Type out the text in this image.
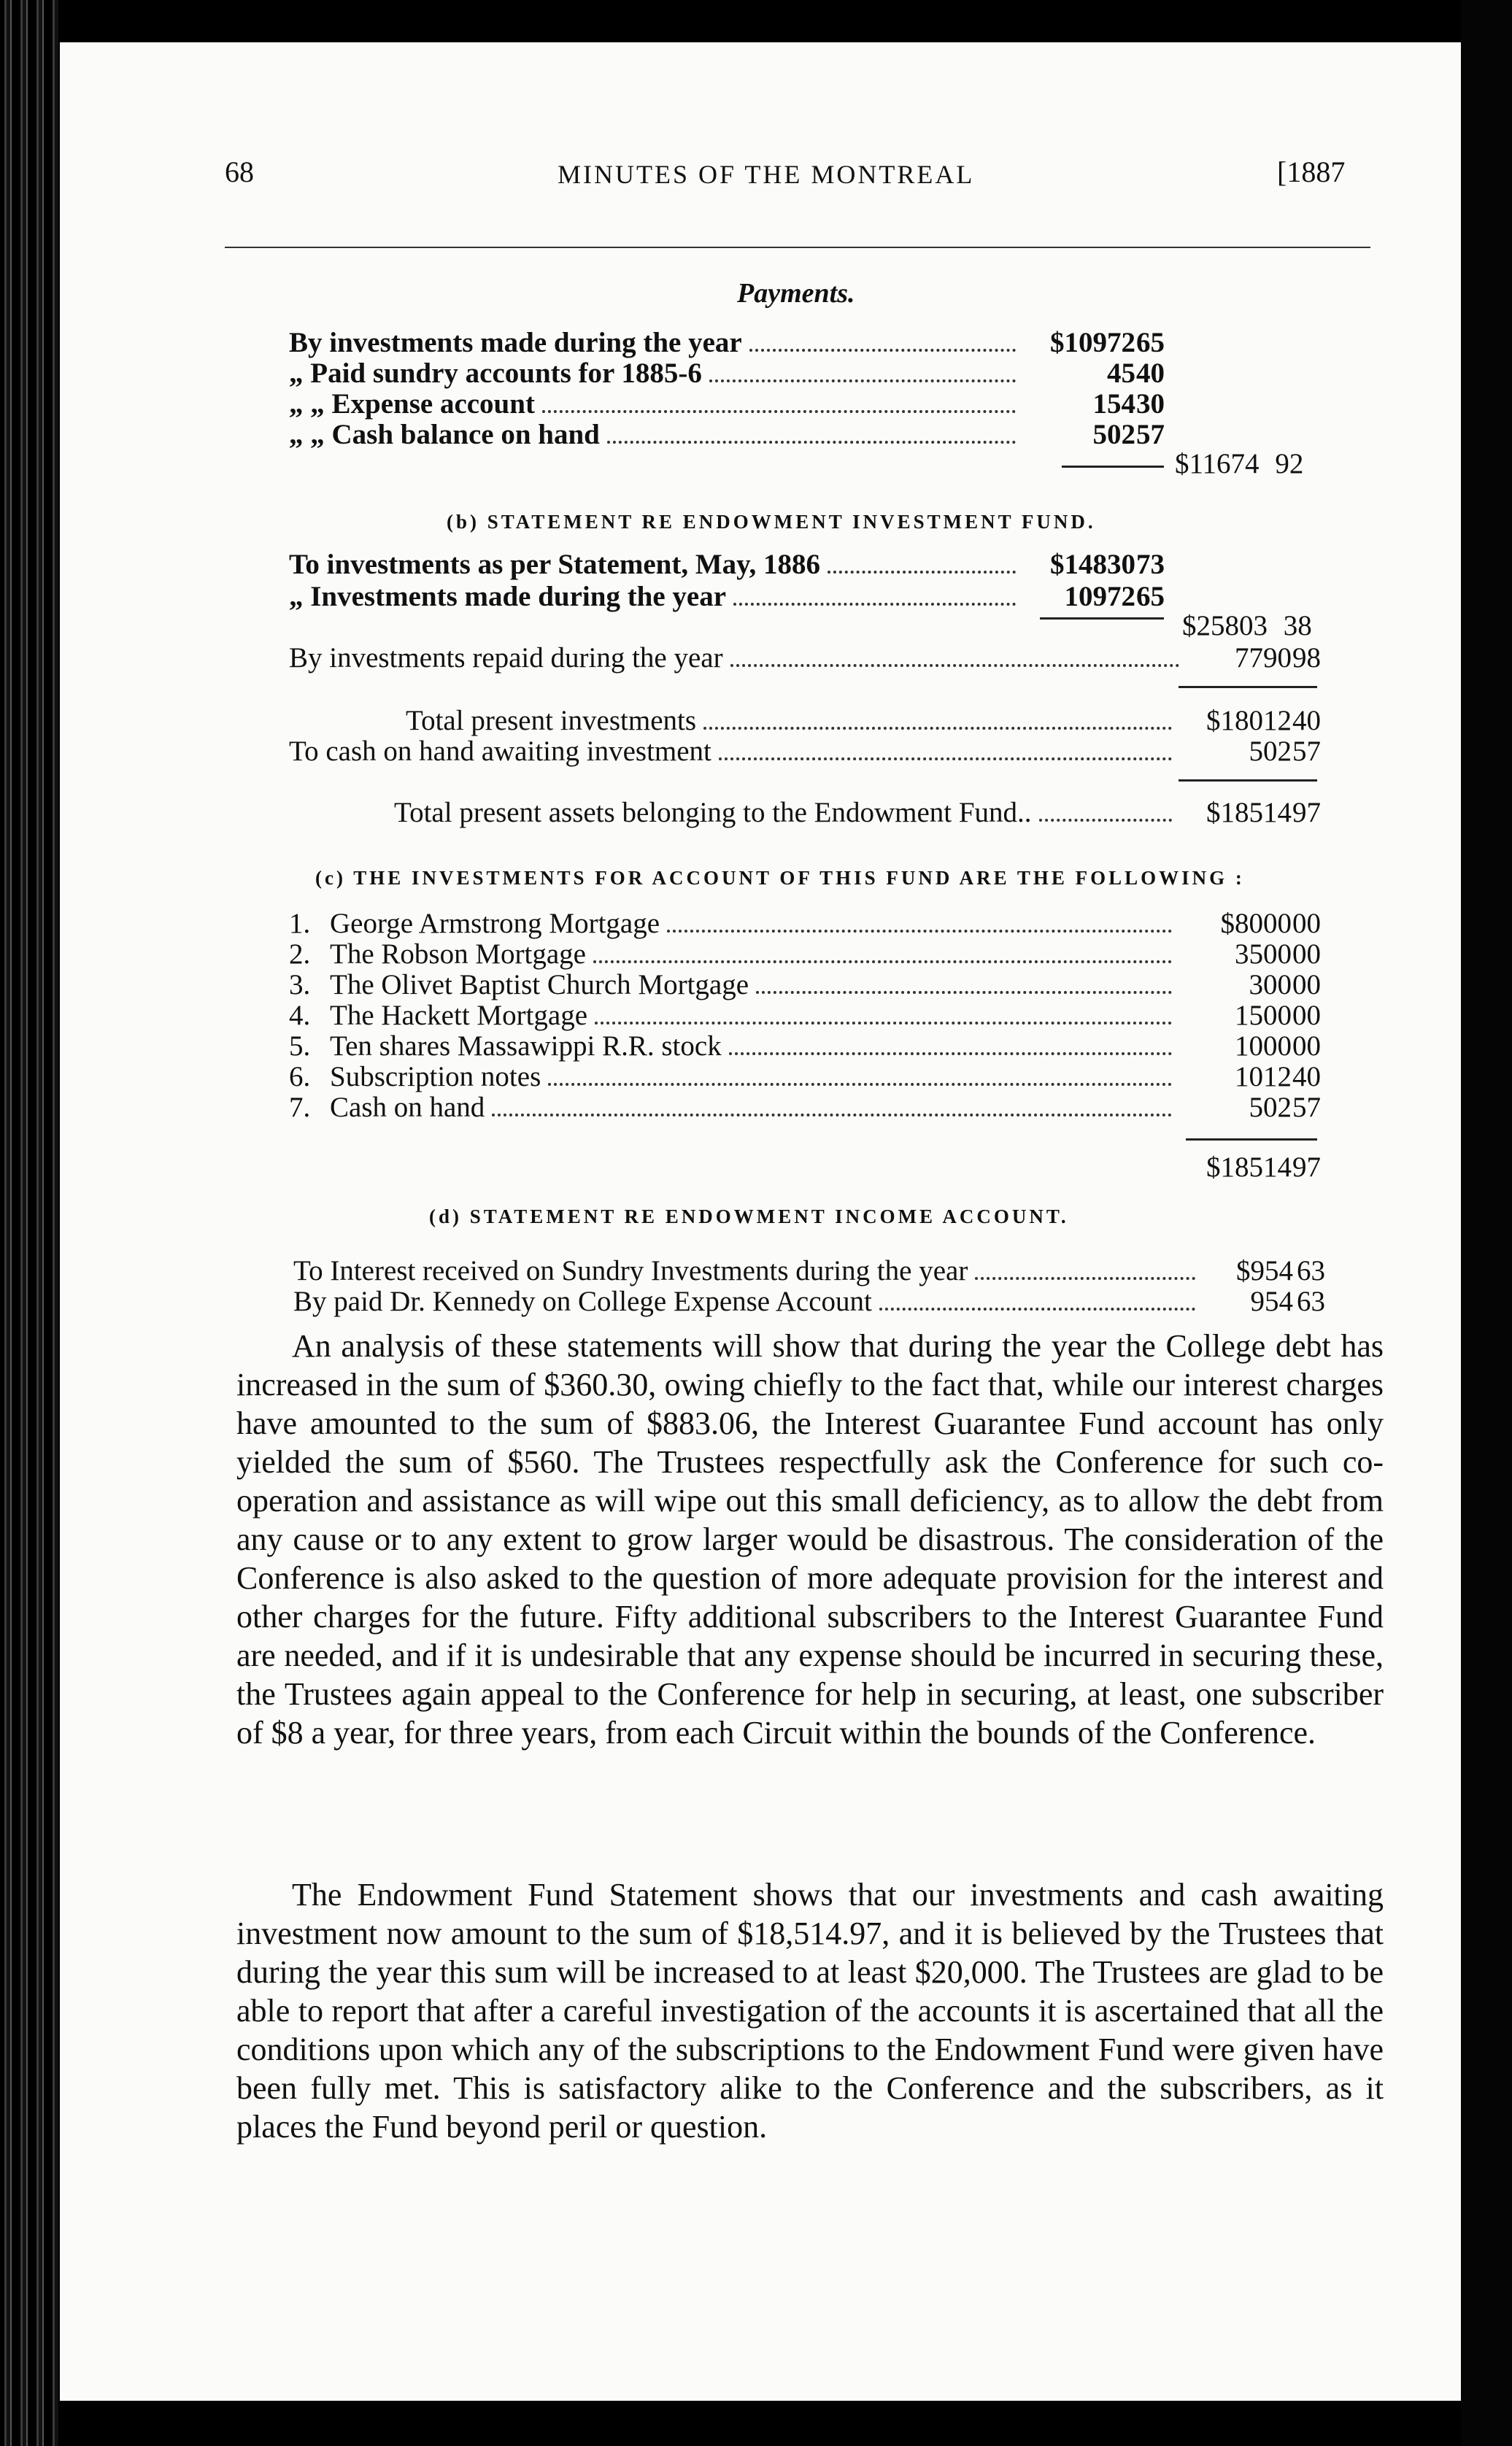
68	MINUTES OF THE MONTREAL	[1887
Payments.
By investments made during the year	$10972 65
„ Paid sundry accounts for 1885-6	45 40
„ „ Expense account	154 30
„ „ Cash balance on hand	502 57
$11674 92
(b) STATEMENT RE ENDOWMENT INVESTMENT FUND.
To investments as per Statement, May, 1886	$14830 73
„ Investments made during the year	10972 65
$25803 38
By investments repaid during the year	7790 98
Total present investments	$18012 40
To cash on hand awaiting investment	502 57
Total present assets belonging to the Endowment Fund..	$18514 97
(c) THE INVESTMENTS FOR ACCOUNT OF THIS FUND ARE THE FOLLOWING :
1. George Armstrong Mortgage	$8000 00
2. The Robson Mortgage	3500 00
3. The Olivet Baptist Church Mortgage	300 00
4. The Hackett Mortgage	1500 00
5. Ten shares Massawippi R.R. stock	1000 00
6. Subscription notes	1012 40
7. Cash on hand	502 57
$18514 97
(d) STATEMENT RE ENDOWMENT INCOME ACCOUNT.
To Interest received on Sundry Investments during the year	$954 63
By paid Dr. Kennedy on College Expense Account	954 63

An analysis of these statements will show that during the year the College debt has increased in the sum of $360.30, owing chiefly to the fact that, while our interest charges have amounted to the sum of $883.06, the Interest Guarantee Fund account has only yielded the sum of $560. The Trustees respectfully ask the Conference for such co-operation and assistance as will wipe out this small deficiency, as to allow the debt from any cause or to any extent to grow larger would be disastrous. The consideration of the Conference is also asked to the question of more adequate provision for the interest and other charges for the future. Fifty additional subscribers to the Interest Guarantee Fund are needed, and if it is undesirable that any expense should be incurred in securing these, the Trustees again appeal to the Conference for help in securing, at least, one subscriber of $8 a year, for three years, from each Circuit within the bounds of the Conference.

The Endowment Fund Statement shows that our investments and cash awaiting investment now amount to the sum of $18,514.97, and it is believed by the Trustees that during the year this sum will be increased to at least $20,000. The Trustees are glad to be able to report that after a careful investigation of the accounts it is ascertained that all the conditions upon which any of the subscriptions to the Endowment Fund were given have been fully met. This is satisfactory alike to the Conference and the subscribers, as it places the Fund beyond peril or question.
